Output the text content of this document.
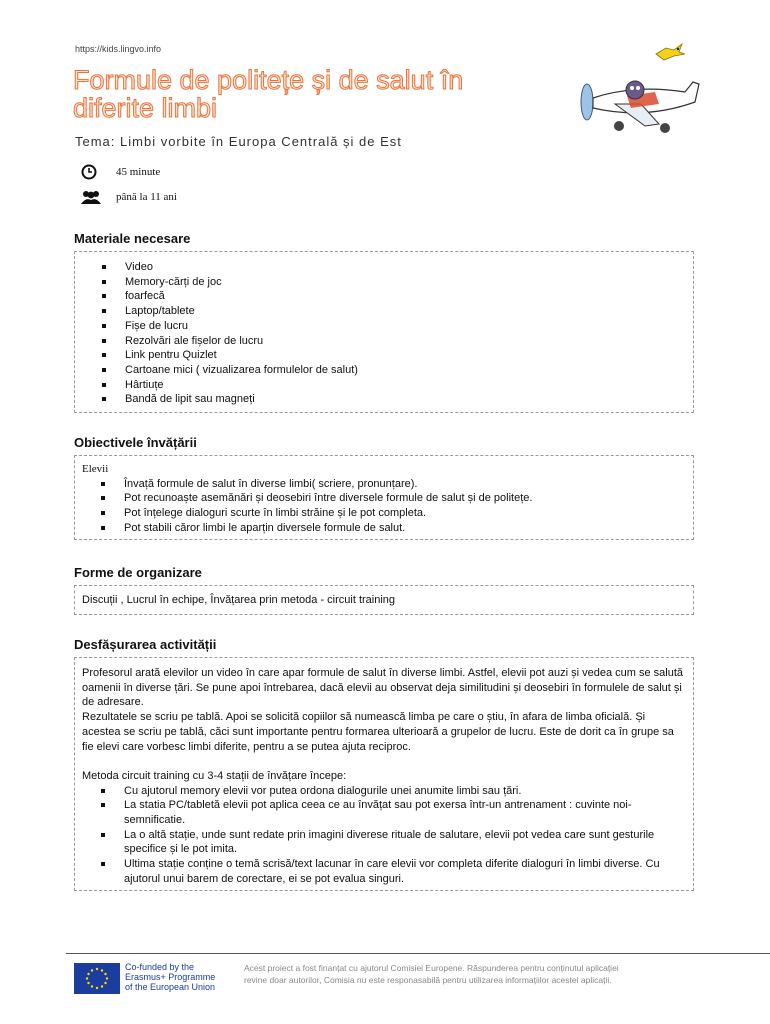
https://kids.lingvo.info
Formule de politețe și de salut în diferite limbi
Tema: Limbi vorbite în Europa Centrală și de Est
45 minute
până la 11 ani
Materiale necesare
Video
Memory-cărți de joc
foarfecă
Laptop/tablete
Fișe de lucru
Rezolvări ale fișelor de lucru
Link pentru Quizlet
Cartoane mici ( vizualizarea formulelor de salut)
Hârtiuțe
Bandă de lipit sau magneți
Obiectivele învățării
Elevii
Învață formule de salut în diverse limbi( scriere, pronunțare).
Pot recunoaște asemănări și deosebiri între diversele formule de salut și de politețe.
Pot înțelege dialoguri scurte în limbi străine și le pot completa.
Pot stabili căror limbi le aparțin diversele formule de salut.
Forme de organizare
Discuții , Lucrul în echipe, Învățarea prin metoda - circuit training
Desfășurarea activității
Profesorul arată elevilor un video în care apar formule de salut în diverse limbi. Astfel, elevii pot auzi și vedea cum se salută oamenii în diverse țări. Se pune apoi întrebarea, dacă elevii au observat deja similitudini și deosebiri în formulele de salut și de adresare.
Rezultatele se scriu pe tablă. Apoi se solicită copiilor să numească limba pe care o știu, în afara de limba oficială. Și acestea se scriu pe tablă, căci sunt importante pentru formarea ulterioară a grupelor de lucru. Este de dorit ca în grupe sa fie elevi care vorbesc limbi diferite, pentru a se putea ajuta reciproc.
Metoda circuit training cu 3-4 stații de învățare începe:
Cu ajutorul memory elevii vor putea ordona dialogurile unei anumite limbi sau țări.
La statia PC/tabletă elevii pot aplica ceea ce au învățat sau pot exersa într-un antrenament : cuvinte noi-semnificatie.
La o altă stație, unde sunt redate prin imagini diverese rituale de salutare, elevii pot vedea care sunt gesturile specifice și le pot imita.
Ultima stație conține o temă scrisă/text lacunar în care elevii vor completa diferite dialoguri în limbi diverse. Cu ajutorul unui barem de corectare, ei se pot evalua singuri.
Co-funded by the
Erasmus+ Programme
of the European Union
Acest proiect a fost finanțat cu ajutorul Comisiei Europene. Răspunderea pentru conținutul aplicației revine doar autorilor, Comisia nu este responasabilă pentru utilizarea informațiilor acestei aplicații.
